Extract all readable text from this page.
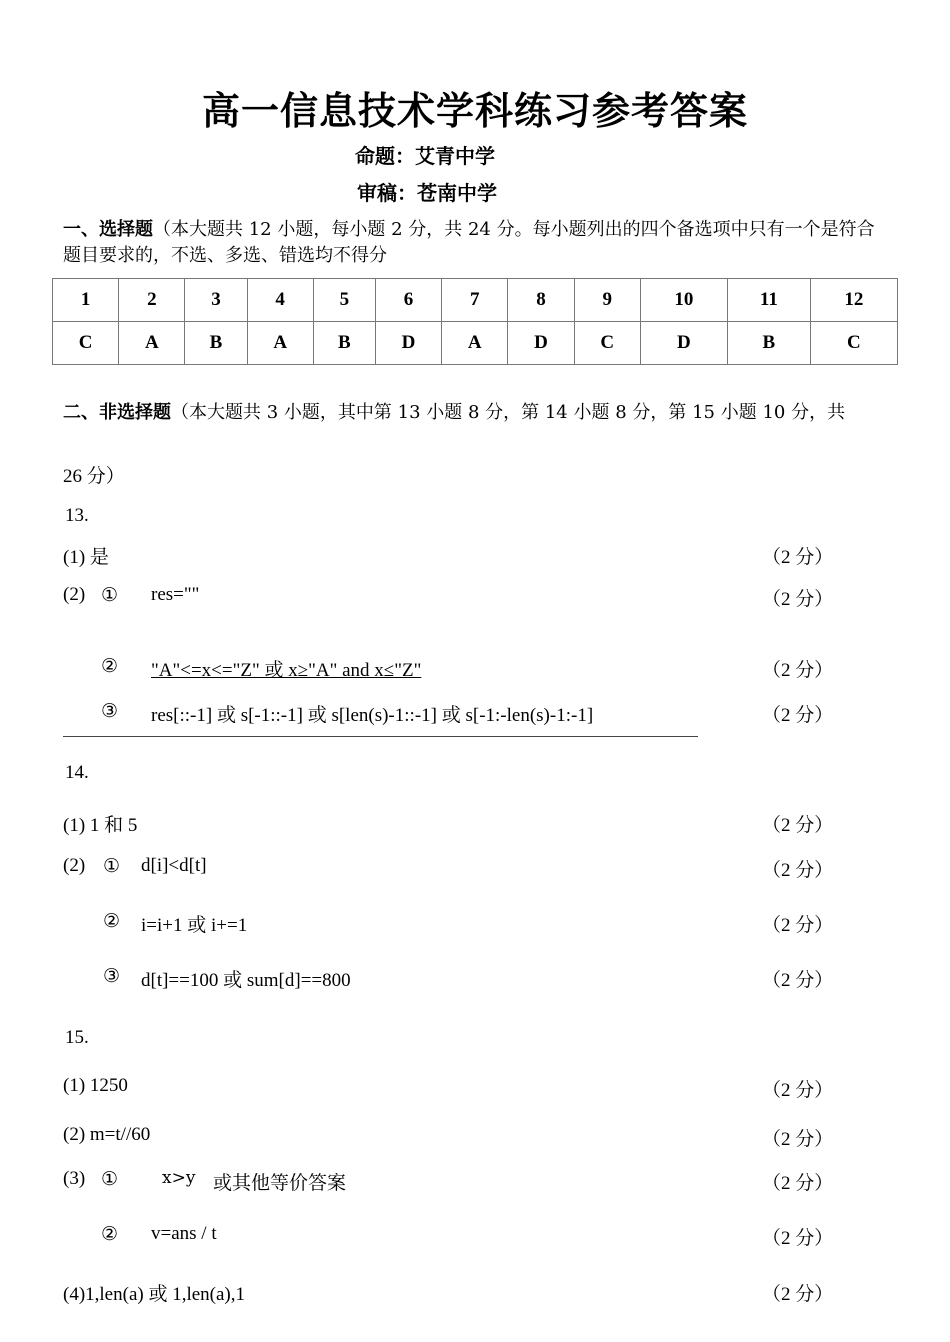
高一信息技术学科练习参考答案
命题：艾青中学
审稿：苍南中学
一、选择题（本大题共 12 小题，每小题 2 分，共 24 分。每小题列出的四个备选项中只有一个是符合题目要求的，不选、多选、错选均不得分
1	2	3	4	5	6	7	8	9	10	11	12
C	A	B	A	B	D	A	D	C	D	B	C
二、非选择题（本大题共 3 小题，其中第 13 小题 8 分，第 14 小题 8 分，第 15 小题 10 分，共
26 分）
13.
(1) 是	（2 分）
(2) ① res=""	（2 分）
②	"A"<=x<="Z" 或 x≥"A" and x≤"Z"	（2 分）
③ res[::-1] 或 s[-1::-1] 或 s[len(s)-1::-1] 或 s[-1:-len(s)-1:-1]	（2 分）
14.
(1) 1 和 5	（2 分）
(2) ① d[i]<d[t]	（2 分）
② i=i+1 或 i+=1	（2 分）
③ d[t]==100 或 sum[d]==800	（2 分）
15.
(1) 1250	（2 分）
(2) m=t//60	（2 分）
(3) ①	x>y 或其他等价答案	（2 分）
② v=ans / t	（2 分）
(4)1,len(a) 或 1,len(a),1	（2 分）
